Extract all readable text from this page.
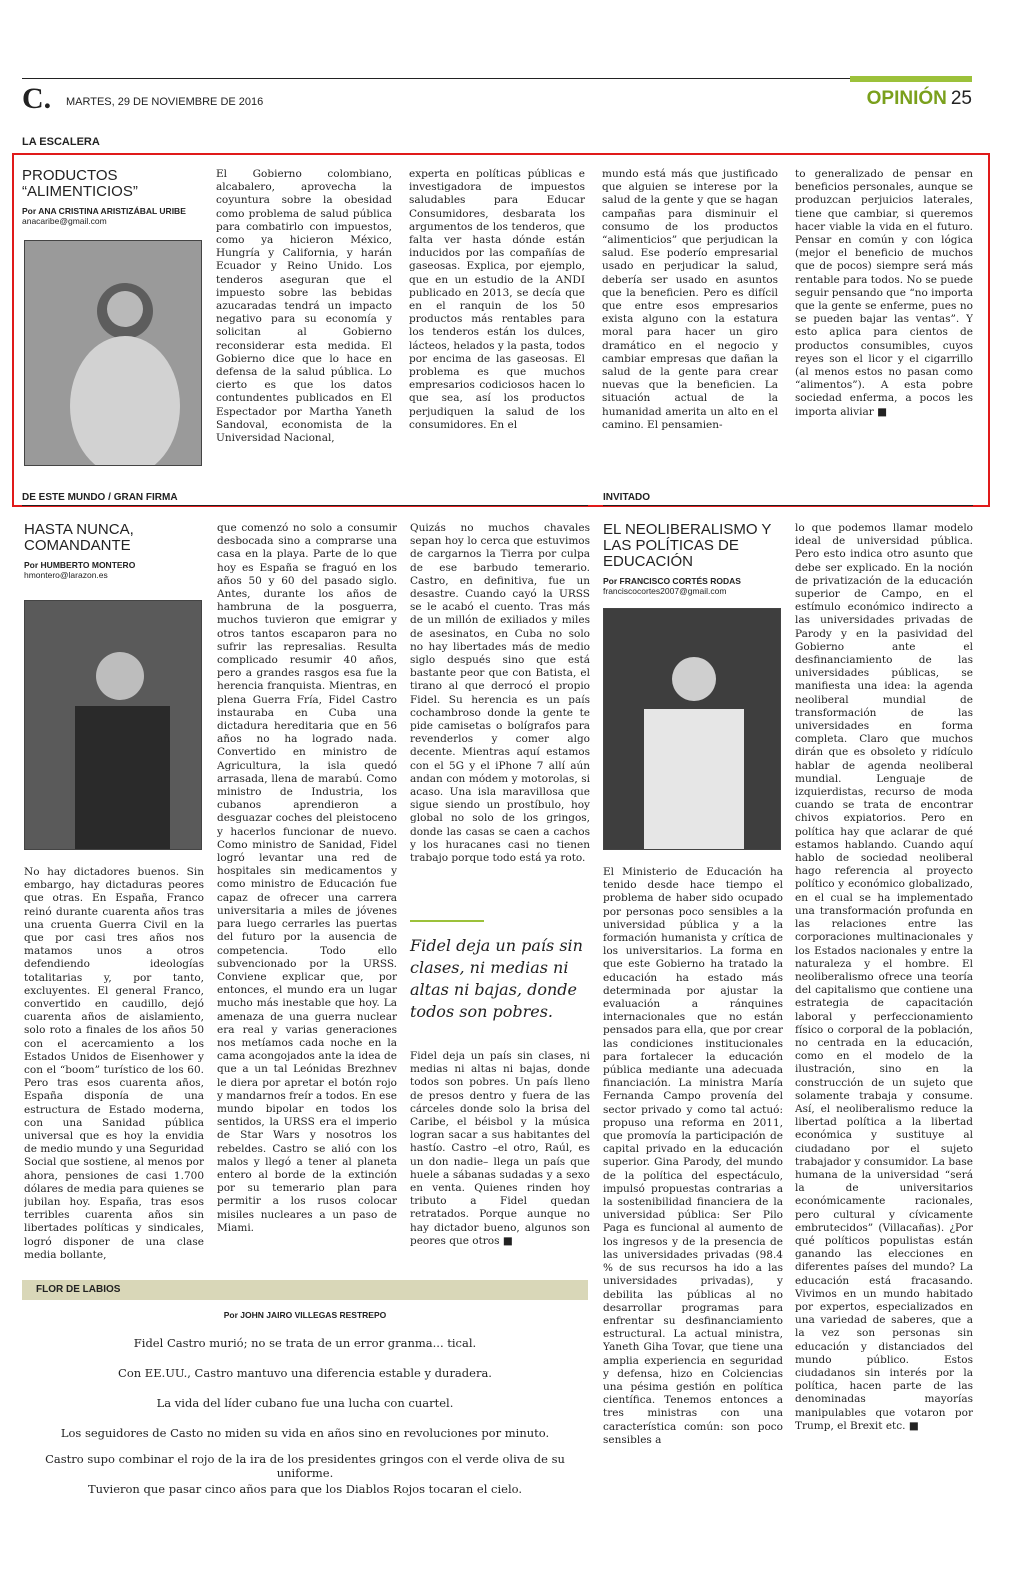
C. MARTES, 29 DE NOVIEMBRE DE 2016	OPINIÓN 25
LA ESCALERA
PRODUCTOS
“ALIMENTICIOS”
Por ANA CRISTINA ARISTIZÁBAL URIBE
anacaribe@gmail.com
El Gobierno colombiano, alcabalero, aprovecha la coyuntura sobre la obesidad como problema de salud pública para combatirlo con impuestos, como ya hicieron México, Hungría y California, y harán Ecuador y Reino Unido. Los tenderos aseguran que el impuesto sobre las bebidas azucaradas tendrá un impacto negativo para su economía y solicitan al Gobierno reconsiderar esta medida. El Gobierno dice que lo hace en defensa de la salud pública. Lo cierto es que los datos contundentes publicados en El Espectador por Martha Yaneth Sandoval, economista de la Universidad Nacional,
experta en políticas públicas e investigadora de impuestos saludables para Educar Consumidores, desbarata los argumentos de los tenderos, que falta ver hasta dónde están inducidos por las compañías de gaseosas. Explica, por ejemplo, que en un estudio de la ANDI publicado en 2013, se decía que en el ranquin de los 50 productos más rentables para los tenderos están los dulces, lácteos, helados y la pasta, todos por encima de las gaseosas. El problema es que muchos empresarios codiciosos hacen lo que sea, así los productos perjudiquen la salud de los consumidores. En el
mundo está más que justificado que alguien se interese por la salud de la gente y que se hagan campañas para disminuir el consumo de los productos “alimenticios” que perjudican la salud. Ese poderío empresarial usado en perjudicar la salud, debería ser usado en asuntos que la beneficien. Pero es difícil que entre esos empresarios exista alguno con la estatura moral para hacer un giro dramático en el negocio y cambiar empresas que dañan la salud de la gente para crear nuevas que la beneficien. La situación actual de la humanidad amerita un alto en el camino. El pensamien-
to generalizado de pensar en beneficios personales, aunque se produzcan perjuicios laterales, tiene que cambiar, si queremos hacer viable la vida en el futuro. Pensar en común y con lógica (mejor el beneficio de muchos que de pocos) siempre será más rentable para todos. No se puede seguir pensando que “no importa que la gente se enferme, pues no se pueden bajar las ventas”. Y esto aplica para cientos de productos consumibles, cuyos reyes son el licor y el cigarrillo (al menos estos no pasan como “alimentos”). A esta pobre sociedad enferma, a pocos les importa aliviar ■
DE ESTE MUNDO / GRAN FIRMA
HASTA NUNCA,
COMANDANTE
Por HUMBERTO MONTERO
hmontero@larazon.es
No hay dictadores buenos. Sin embargo, hay dictaduras peores que otras. En España, Franco reinó durante cuarenta años tras una cruenta Guerra Civil en la que por casi tres años nos matamos unos a otros defendiendo ideologías totalitarias y, por tanto, excluyentes. El general Franco, convertido en caudillo, dejó cuarenta años de aislamiento, solo roto a finales de los años 50 con el acercamiento a los Estados Unidos de Eisenhower y con el “boom” turístico de los 60. Pero tras esos cuarenta años, España disponía de una estructura de Estado moderna, con una Sanidad pública universal que es hoy la envidia de medio mundo y una Seguridad Social que sostiene, al menos por ahora, pensiones de casi 1.700 dólares de media para quienes se jubilan hoy. España, tras esos terribles cuarenta años sin libertades políticas y sindicales, logró disponer de una clase media bollante,
que comenzó no solo a consumir desbocada sino a comprarse una casa en la playa. Parte de lo que hoy es España se fraguó en los años 50 y 60 del pasado siglo. Antes, durante los años de hambruna de la posguerra, muchos tuvieron que emigrar y otros tantos escaparon para no sufrir las represalias. Resulta complicado resumir 40 años, pero a grandes rasgos esa fue la herencia franquista. Mientras, en plena Guerra Fría, Fidel Castro instauraba en Cuba una dictadura hereditaria que en 56 años no ha logrado nada. Convertido en ministro de Agricultura, la isla quedó arrasada, llena de marabú. Como ministro de Industria, los cubanos aprendieron a desguazar coches del pleistoceno y hacerlos funcionar de nuevo. Como ministro de Sanidad, Fidel logró levantar una red de hospitales sin medicamentos y como ministro de Educación fue capaz de ofrecer una carrera universitaria a miles de jóvenes para luego cerrarles las puertas del futuro por la ausencia de competencia. Todo ello subvencionado por la URSS. Conviene explicar que, por entonces, el mundo era un lugar mucho más inestable que hoy. La amenaza de una guerra nuclear era real y varias generaciones nos metíamos cada noche en la cama acongojados ante la idea de que a un tal Leónidas Brezhnev le diera por apretar el botón rojo y mandarnos freír a todos. En ese mundo bipolar en todos los sentidos, la URSS era el imperio de Star Wars y nosotros los rebeldes. Castro se alió con los malos y llegó a tener al planeta entero al borde de la extinción por su temerario plan para permitir a los rusos colocar misiles nucleares a un paso de Miami.
Quizás no muchos chavales sepan hoy lo cerca que estuvimos de cargarnos la Tierra por culpa de ese barbudo temerario. Castro, en definitiva, fue un desastre. Cuando cayó la URSS se le acabó el cuento. Tras más de un millón de exiliados y miles de asesinatos, en Cuba no solo no hay libertades más de medio siglo después sino que está bastante peor que con Batista, el tirano al que derrocó el propio Fidel. Su herencia es un país cochambroso donde la gente te pide camisetas o bolígrafos para revenderlos y comer algo decente. Mientras aquí estamos con el 5G y el iPhone 7 allí aún andan con módem y motorolas, si acaso. Una isla maravillosa que sigue siendo un prostíbulo, hoy global no solo de los gringos, donde las casas se caen a cachos y los huracanes casi no tienen trabajo porque todo está ya roto.
Fidel deja un país sin clases, ni medias ni altas ni bajas, donde todos son pobres.
Fidel deja un país sin clases, ni medias ni altas ni bajas, donde todos son pobres. Un país lleno de presos dentro y fuera de las cárceles donde solo la brisa del Caribe, el béisbol y la música logran sacar a sus habitantes del hastío. Castro –el otro, Raúl, es un don nadie– llega un país que huele a sábanas sudadas y a sexo en venta. Quienes rinden hoy tributo a Fidel quedan retratados. Porque aunque no hay dictador bueno, algunos son peores que otros ■
FLOR DE LABIOS
Por JOHN JAIRO VILLEGAS RESTREPO
Fidel Castro murió; no se trata de un error granma... tical.
Con EE.UU., Castro mantuvo una diferencia estable y duradera.
La vida del líder cubano fue una lucha con cuartel.
Los seguidores de Casto no miden su vida en años sino en revoluciones por minuto.
Castro supo combinar el rojo de la ira de los presidentes gringos con el verde oliva de su uniforme.
Tuvieron que pasar cinco años para que los Diablos Rojos tocaran el cielo.
INVITADO
EL NEOLIBERALISMO Y
LAS POLÍTICAS DE
EDUCACIÓN
Por FRANCISCO CORTÉS RODAS
franciscocortes2007@gmail.com
El Ministerio de Educación ha tenido desde hace tiempo el problema de haber sido ocupado por personas poco sensibles a la universidad pública y a la formación humanista y crítica de los universitarios. La forma en que este Gobierno ha tratado la educación ha estado más determinada por ajustar la evaluación a ránquines internacionales que no están pensados para ella, que por crear las condiciones institucionales para fortalecer la educación pública mediante una adecuada financiación. La ministra María Fernanda Campo provenía del sector privado y como tal actuó: propuso una reforma en 2011, que promovía la participación de capital privado en la educación superior. Gina Parody, del mundo de la política del espectáculo, impulsó propuestas contrarias a la sostenibilidad financiera de la universidad pública: Ser Pilo Paga es funcional al aumento de los ingresos y de la presencia de las universidades privadas (98.4 % de sus recursos ha ido a las universidades privadas), y debilita las públicas al no desarrollar programas para enfrentar su desfinanciamiento estructural. La actual ministra, Yaneth Giha Tovar, que tiene una amplia experiencia en seguridad y defensa, hizo en Colciencias una pésima gestión en política científica. Tenemos entonces a tres ministras con una característica común: son poco sensibles a
lo que podemos llamar modelo ideal de universidad pública. Pero esto indica otro asunto que debe ser explicado. En la noción de privatización de la educación superior de Campo, en el estímulo económico indirecto a las universidades privadas de Parody y en la pasividad del Gobierno ante el desfinanciamiento de las universidades públicas, se manifiesta una idea: la agenda neoliberal mundial de transformación de las universidades en forma completa. Claro que muchos dirán que es obsoleto y ridículo hablar de agenda neoliberal mundial. Lenguaje de izquierdistas, recurso de moda cuando se trata de encontrar chivos expiatorios. Pero en política hay que aclarar de qué estamos hablando. Cuando aquí hablo de sociedad neoliberal hago referencia al proyecto político y económico globalizado, en el cual se ha implementado una transformación profunda en las relaciones entre las corporaciones multinacionales y los Estados nacionales y entre la naturaleza y el hombre. El neoliberalismo ofrece una teoría del capitalismo que contiene una estrategia de capacitación laboral y perfeccionamiento físico o corporal de la población, no centrada en la educación, como en el modelo de la ilustración, sino en la construcción de un sujeto que solamente trabaja y consume. Así, el neoliberalismo reduce la libertad política a la libertad económica y sustituye al ciudadano por el sujeto trabajador y consumidor. La base humana de la universidad “será la de universitarios económicamente racionales, pero cultural y cívicamente embrutecidos” (Villacañas). ¿Por qué políticos populistas están ganando las elecciones en diferentes países del mundo? La educación está fracasando. Vivimos en un mundo habitado por expertos, especializados en una variedad de saberes, que a la vez son personas sin educación y distanciados del mundo público. Estos ciudadanos sin interés por la política, hacen parte de las denominadas mayorías manipulables que votaron por Trump, el Brexit etc. ■
